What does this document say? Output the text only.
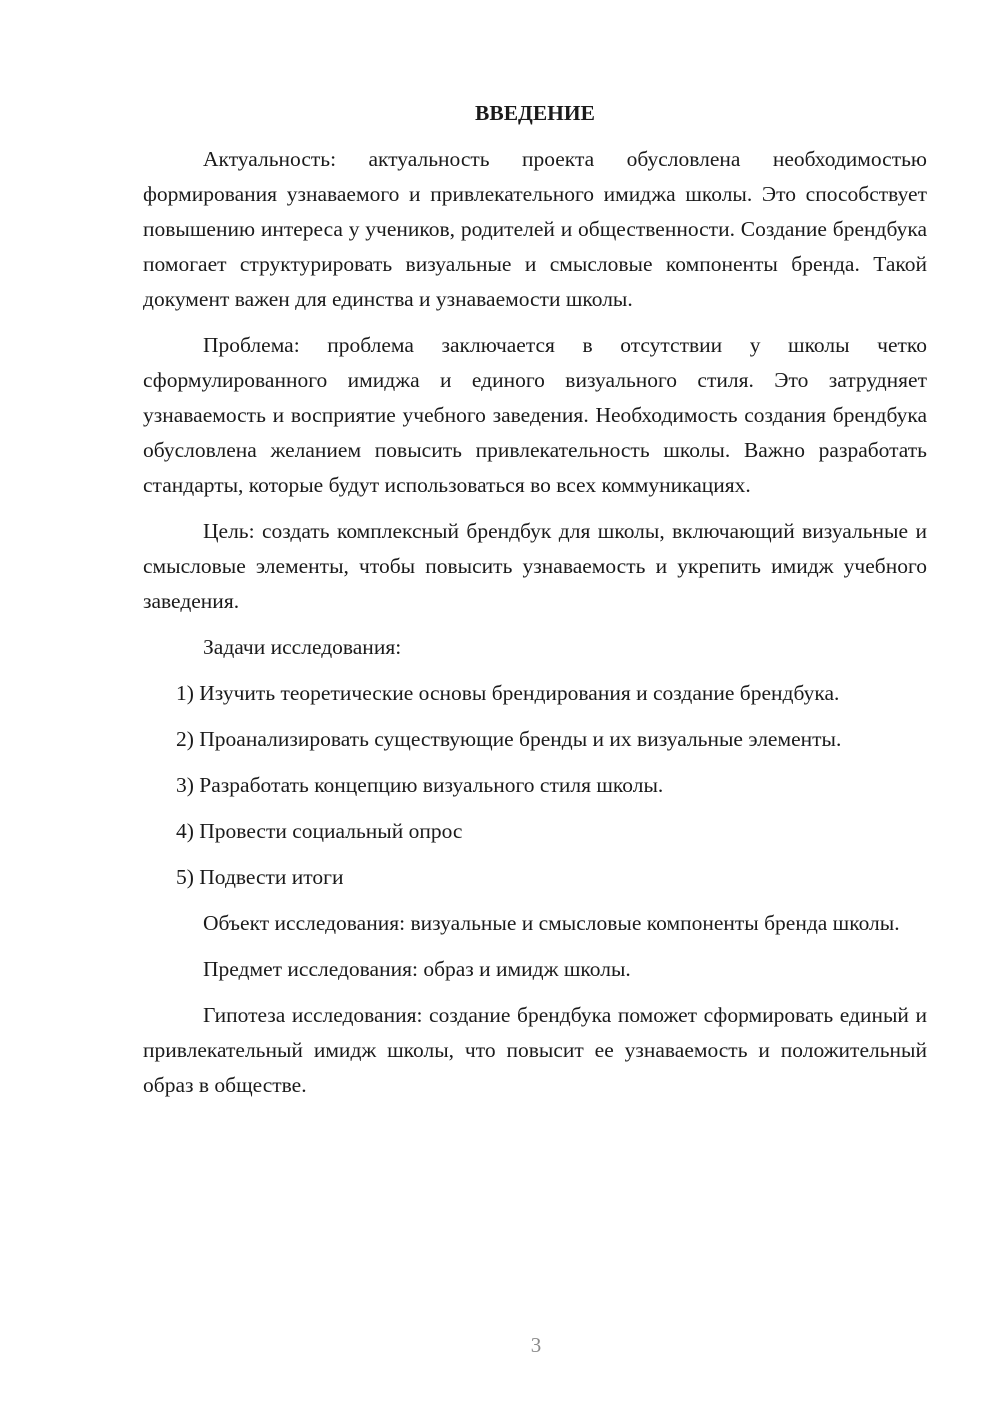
ВВЕДЕНИЕ

Актуальность: актуальность проекта обусловлена необходимостью формирования узнаваемого и привлекательного имиджа школы. Это способствует повышению интереса у учеников, родителей и общественности. Создание брендбука помогает структурировать визуальные и смысловые компоненты бренда. Такой документ важен для единства и узнаваемости школы.

Проблема: проблема заключается в отсутствии у школы четко сформулированного имиджа и единого визуального стиля. Это затрудняет узнаваемость и восприятие учебного заведения. Необходимость создания брендбука обусловлена желанием повысить привлекательность школы. Важно разработать стандарты, которые будут использоваться во всех коммуникациях.

Цель: создать комплексный брендбук для школы, включающий визуальные и смысловые элементы, чтобы повысить узнаваемость и укрепить имидж учебного заведения.

Задачи исследования:

1) Изучить теоретические основы брендирования и создание брендбука.

2) Проанализировать существующие бренды и их визуальные элементы.

3) Разработать концепцию визуального стиля школы.

4) Провести социальный опрос

5) Подвести итоги

Объект исследования: визуальные и смысловые компоненты бренда школы.

Предмет исследования: образ и имидж школы.

Гипотеза исследования: создание брендбука поможет сформировать единый и привлекательный имидж школы, что повысит ее узнаваемость и положительный образ в обществе.

3
